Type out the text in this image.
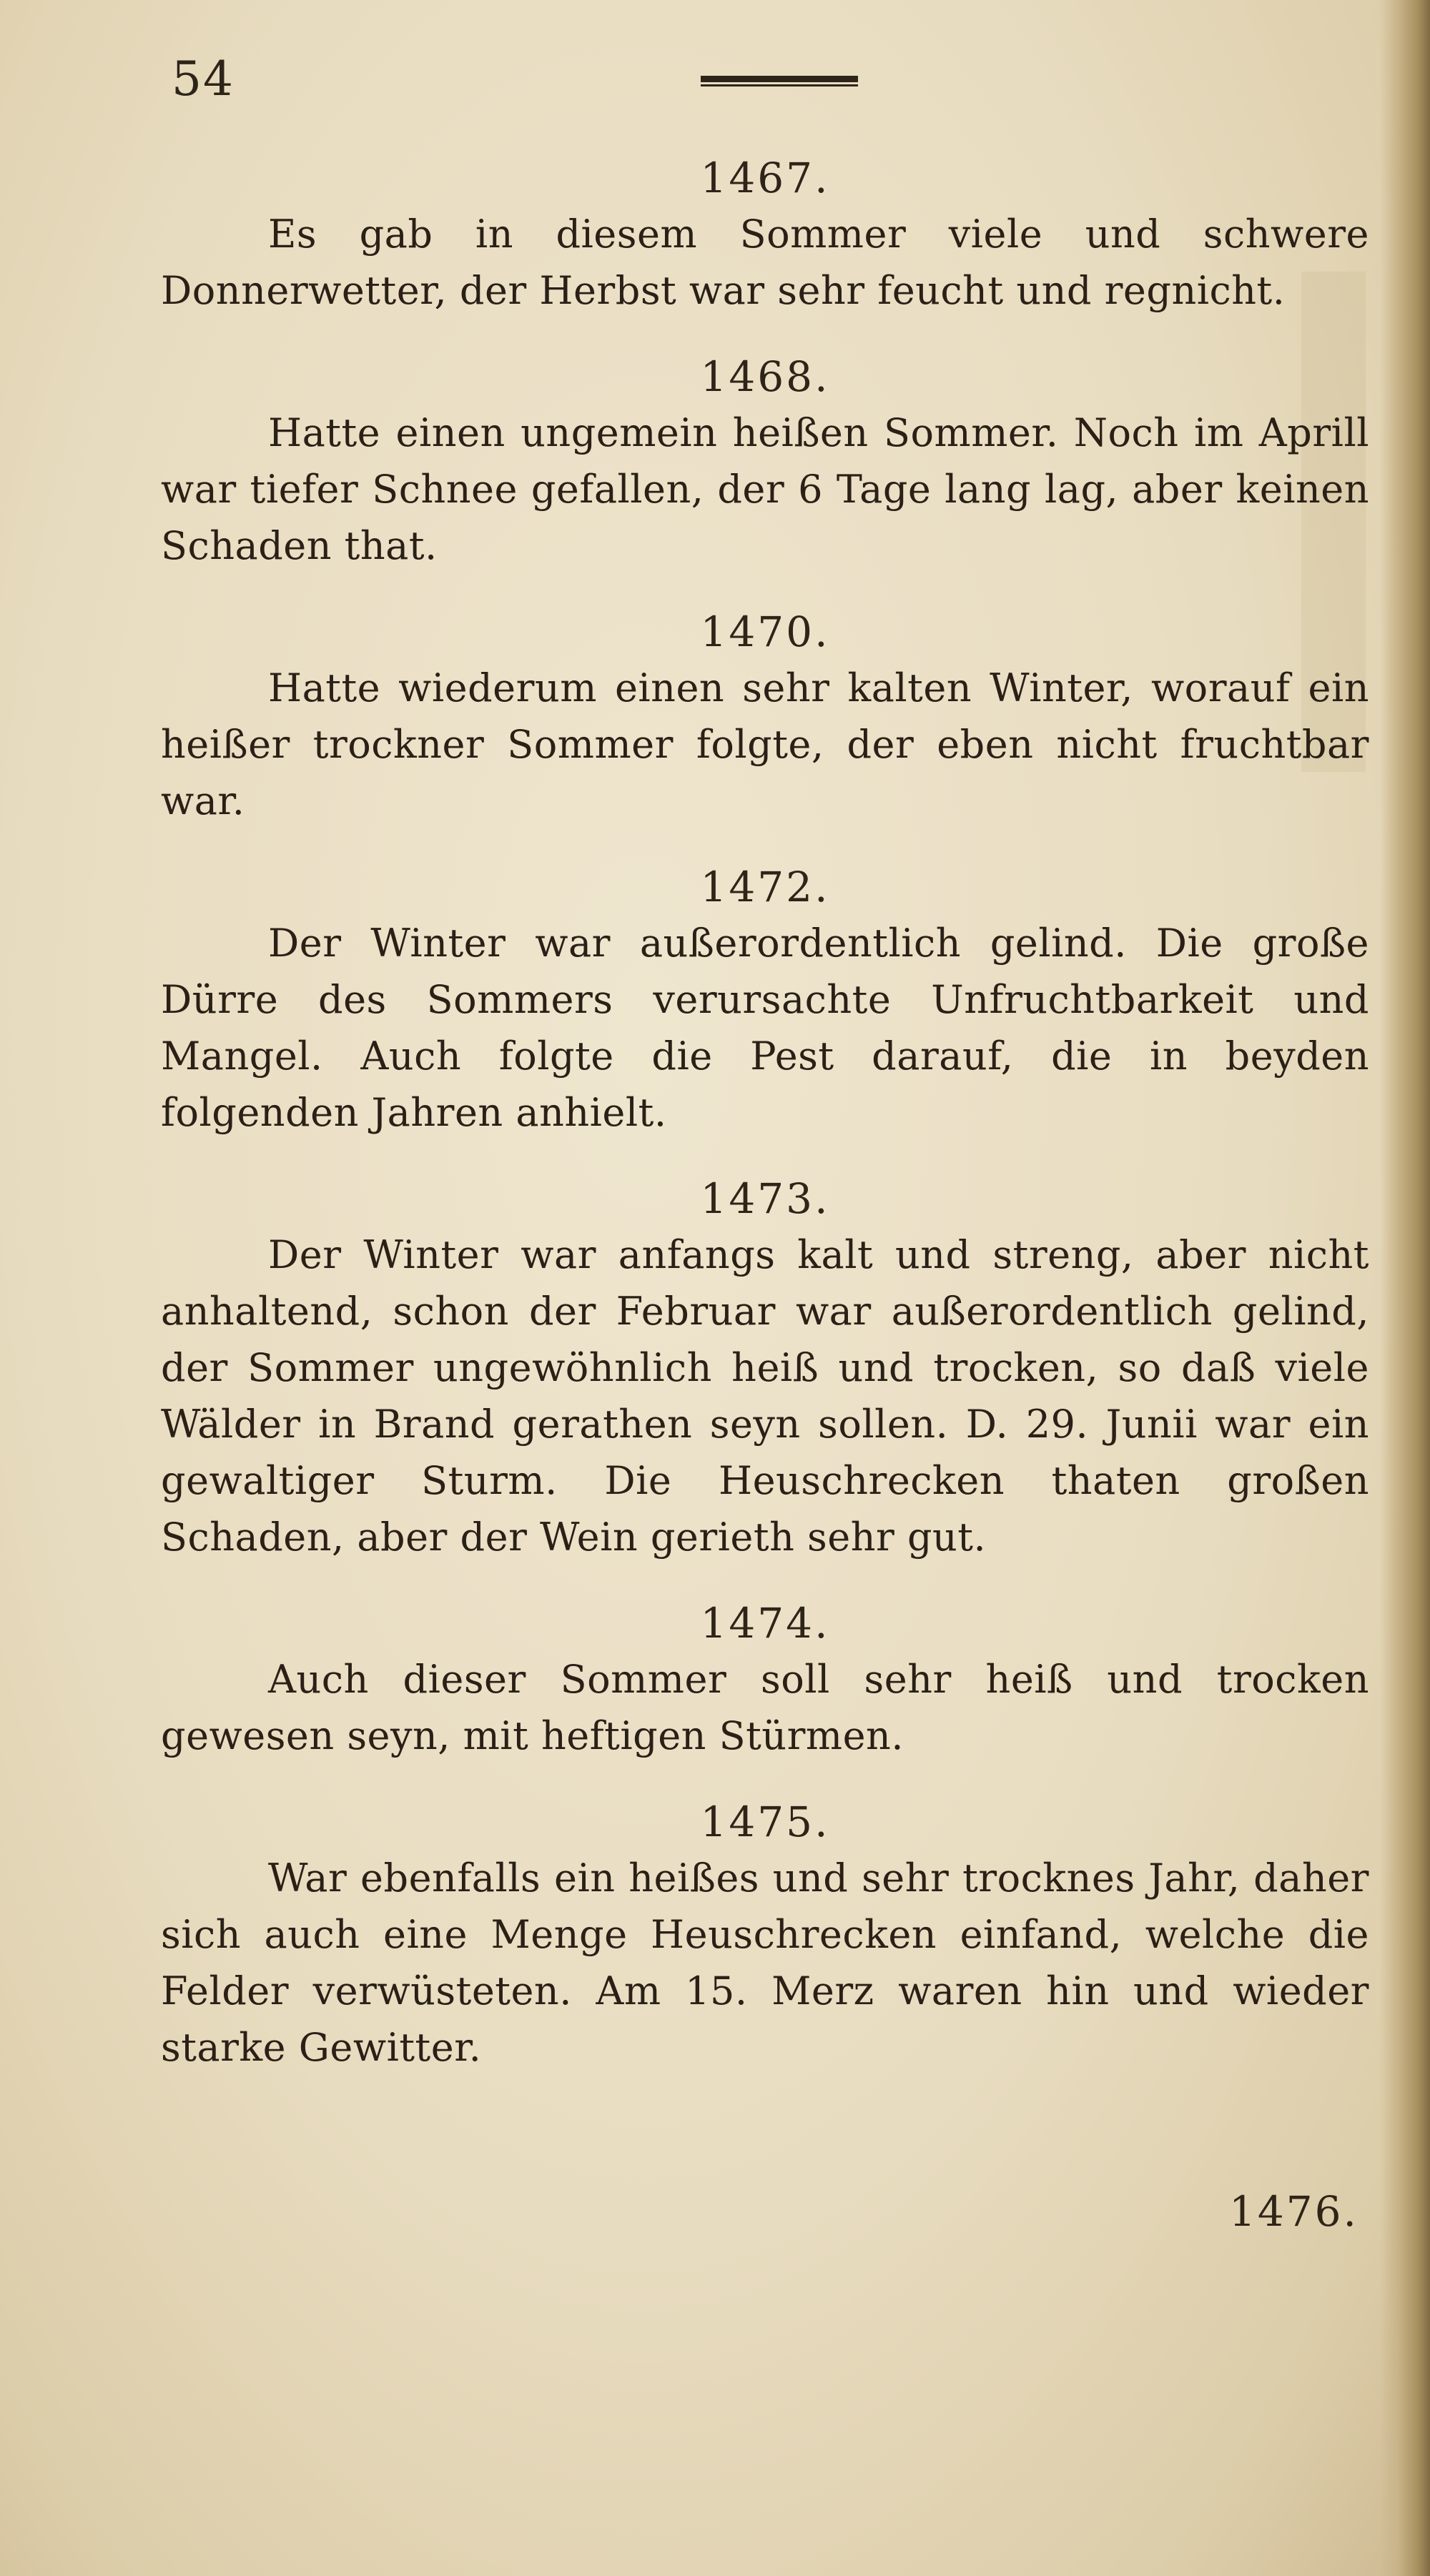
54
1467.
Es gab in diesem Sommer viele und schwere Donnerwetter, der Herbst war sehr feucht und regnicht.
1468.
Hatte einen ungemein heißen Sommer. Noch im Aprill war tiefer Schnee gefallen, der 6 Tage lang lag, aber keinen Schaden that.
1470.
Hatte wiederum einen sehr kalten Winter, worauf ein heißer trockner Sommer folgte, der eben nicht fruchtbar war.
1472.
Der Winter war außerordentlich gelind. Die große Dürre des Sommers verursachte Unfruchtbarkeit und Mangel. Auch folgte die Pest darauf, die in beyden folgenden Jahren anhielt.
1473.
Der Winter war anfangs kalt und streng, aber nicht anhaltend, schon der Februar war außerordentlich gelind, der Sommer ungewöhnlich heiß und trocken, so daß viele Wälder in Brand gerathen seyn sollen. D. 29. Junii war ein gewaltiger Sturm. Die Heuschrecken thaten großen Schaden, aber der Wein gerieth sehr gut.
1474.
Auch dieser Sommer soll sehr heiß und trocken gewesen seyn, mit heftigen Stürmen.
1475.
War ebenfalls ein heißes und sehr trocknes Jahr, daher sich auch eine Menge Heuschrecken einfand, welche die Felder verwüsteten. Am 15. Merz waren hin und wieder starke Gewitter.
1476.
